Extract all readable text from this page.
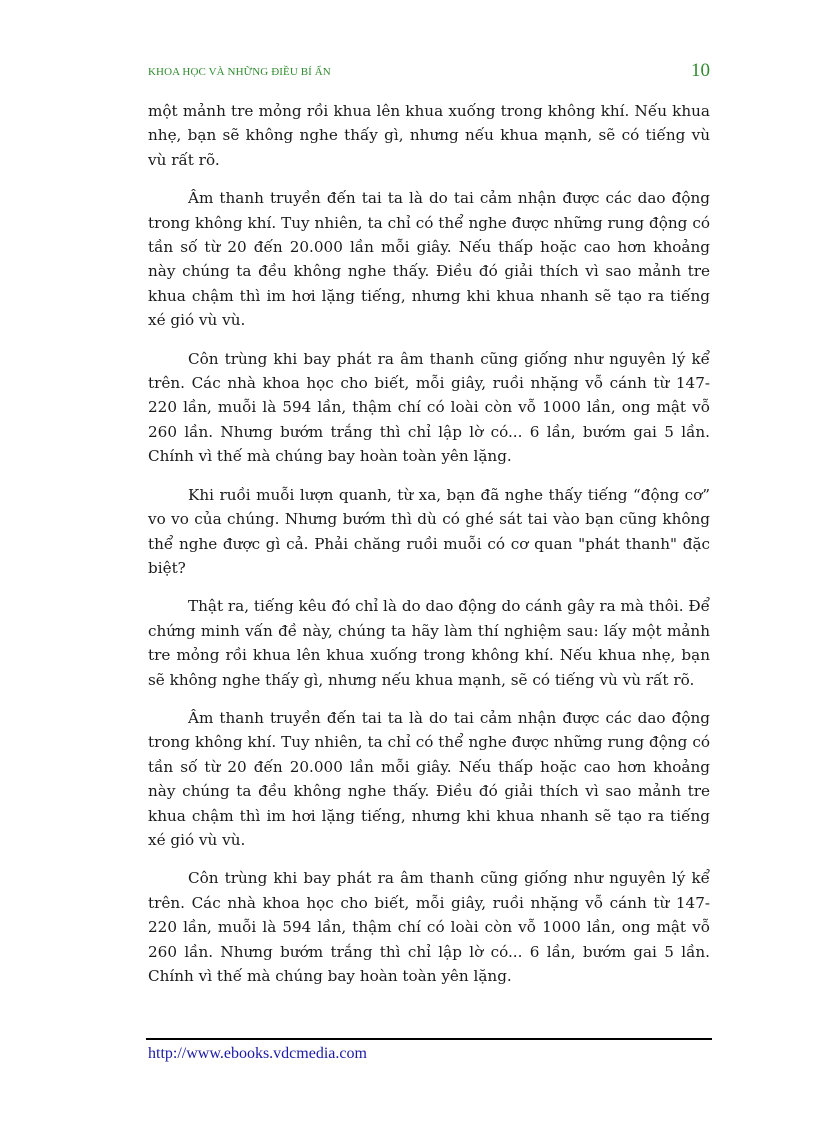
KHOA HỌC VÀ NHỮNG ĐIỀU BÍ ẨN	10

một mảnh tre mỏng rồi khua lên khua xuống trong không khí. Nếu khua nhẹ, bạn sẽ không nghe thấy gì, nhưng nếu khua mạnh, sẽ có tiếng vù vù rất rõ.

Âm thanh truyền đến tai ta là do tai cảm nhận được các dao động trong không khí. Tuy nhiên, ta chỉ có thể nghe được những rung động có tần số từ 20 đến 20.000 lần mỗi giây. Nếu thấp hoặc cao hơn khoảng này chúng ta đều không nghe thấy. Điều đó giải thích vì sao mảnh tre khua chậm thì im hơi lặng tiếng, nhưng khi khua nhanh sẽ tạo ra tiếng xé gió vù vù.

Côn trùng khi bay phát ra âm thanh cũng giống như nguyên lý kể trên. Các nhà khoa học cho biết, mỗi giây, ruồi nhặng vỗ cánh từ 147-220 lần, muỗi là 594 lần, thậm chí có loài còn vỗ 1000 lần, ong mật vỗ 260 lần. Nhưng bướm trắng thì chỉ lập lờ có... 6 lần, bướm gai 5 lần. Chính vì thế mà chúng bay hoàn toàn yên lặng.

Khi ruồi muỗi lượn quanh, từ xa, bạn đã nghe thấy tiếng “động cơ” vo vo của chúng. Nhưng bướm thì dù có ghé sát tai vào bạn cũng không thể nghe được gì cả. Phải chăng ruồi muỗi có cơ quan "phát thanh" đặc biệt?

Thật ra, tiếng kêu đó chỉ là do dao động do cánh gây ra mà thôi. Để chứng minh vấn đề này, chúng ta hãy làm thí nghiệm sau: lấy một mảnh tre mỏng rồi khua lên khua xuống trong không khí. Nếu khua nhẹ, bạn sẽ không nghe thấy gì, nhưng nếu khua mạnh, sẽ có tiếng vù vù rất rõ.

Âm thanh truyền đến tai ta là do tai cảm nhận được các dao động trong không khí. Tuy nhiên, ta chỉ có thể nghe được những rung động có tần số từ 20 đến 20.000 lần mỗi giây. Nếu thấp hoặc cao hơn khoảng này chúng ta đều không nghe thấy. Điều đó giải thích vì sao mảnh tre khua chậm thì im hơi lặng tiếng, nhưng khi khua nhanh sẽ tạo ra tiếng xé gió vù vù.

Côn trùng khi bay phát ra âm thanh cũng giống như nguyên lý kể trên. Các nhà khoa học cho biết, mỗi giây, ruồi nhặng vỗ cánh từ 147-220 lần, muỗi là 594 lần, thậm chí có loài còn vỗ 1000 lần, ong mật vỗ 260 lần. Nhưng bướm trắng thì chỉ lập lờ có... 6 lần, bướm gai 5 lần. Chính vì thế mà chúng bay hoàn toàn yên lặng.

http://www.ebooks.vdcmedia.com
